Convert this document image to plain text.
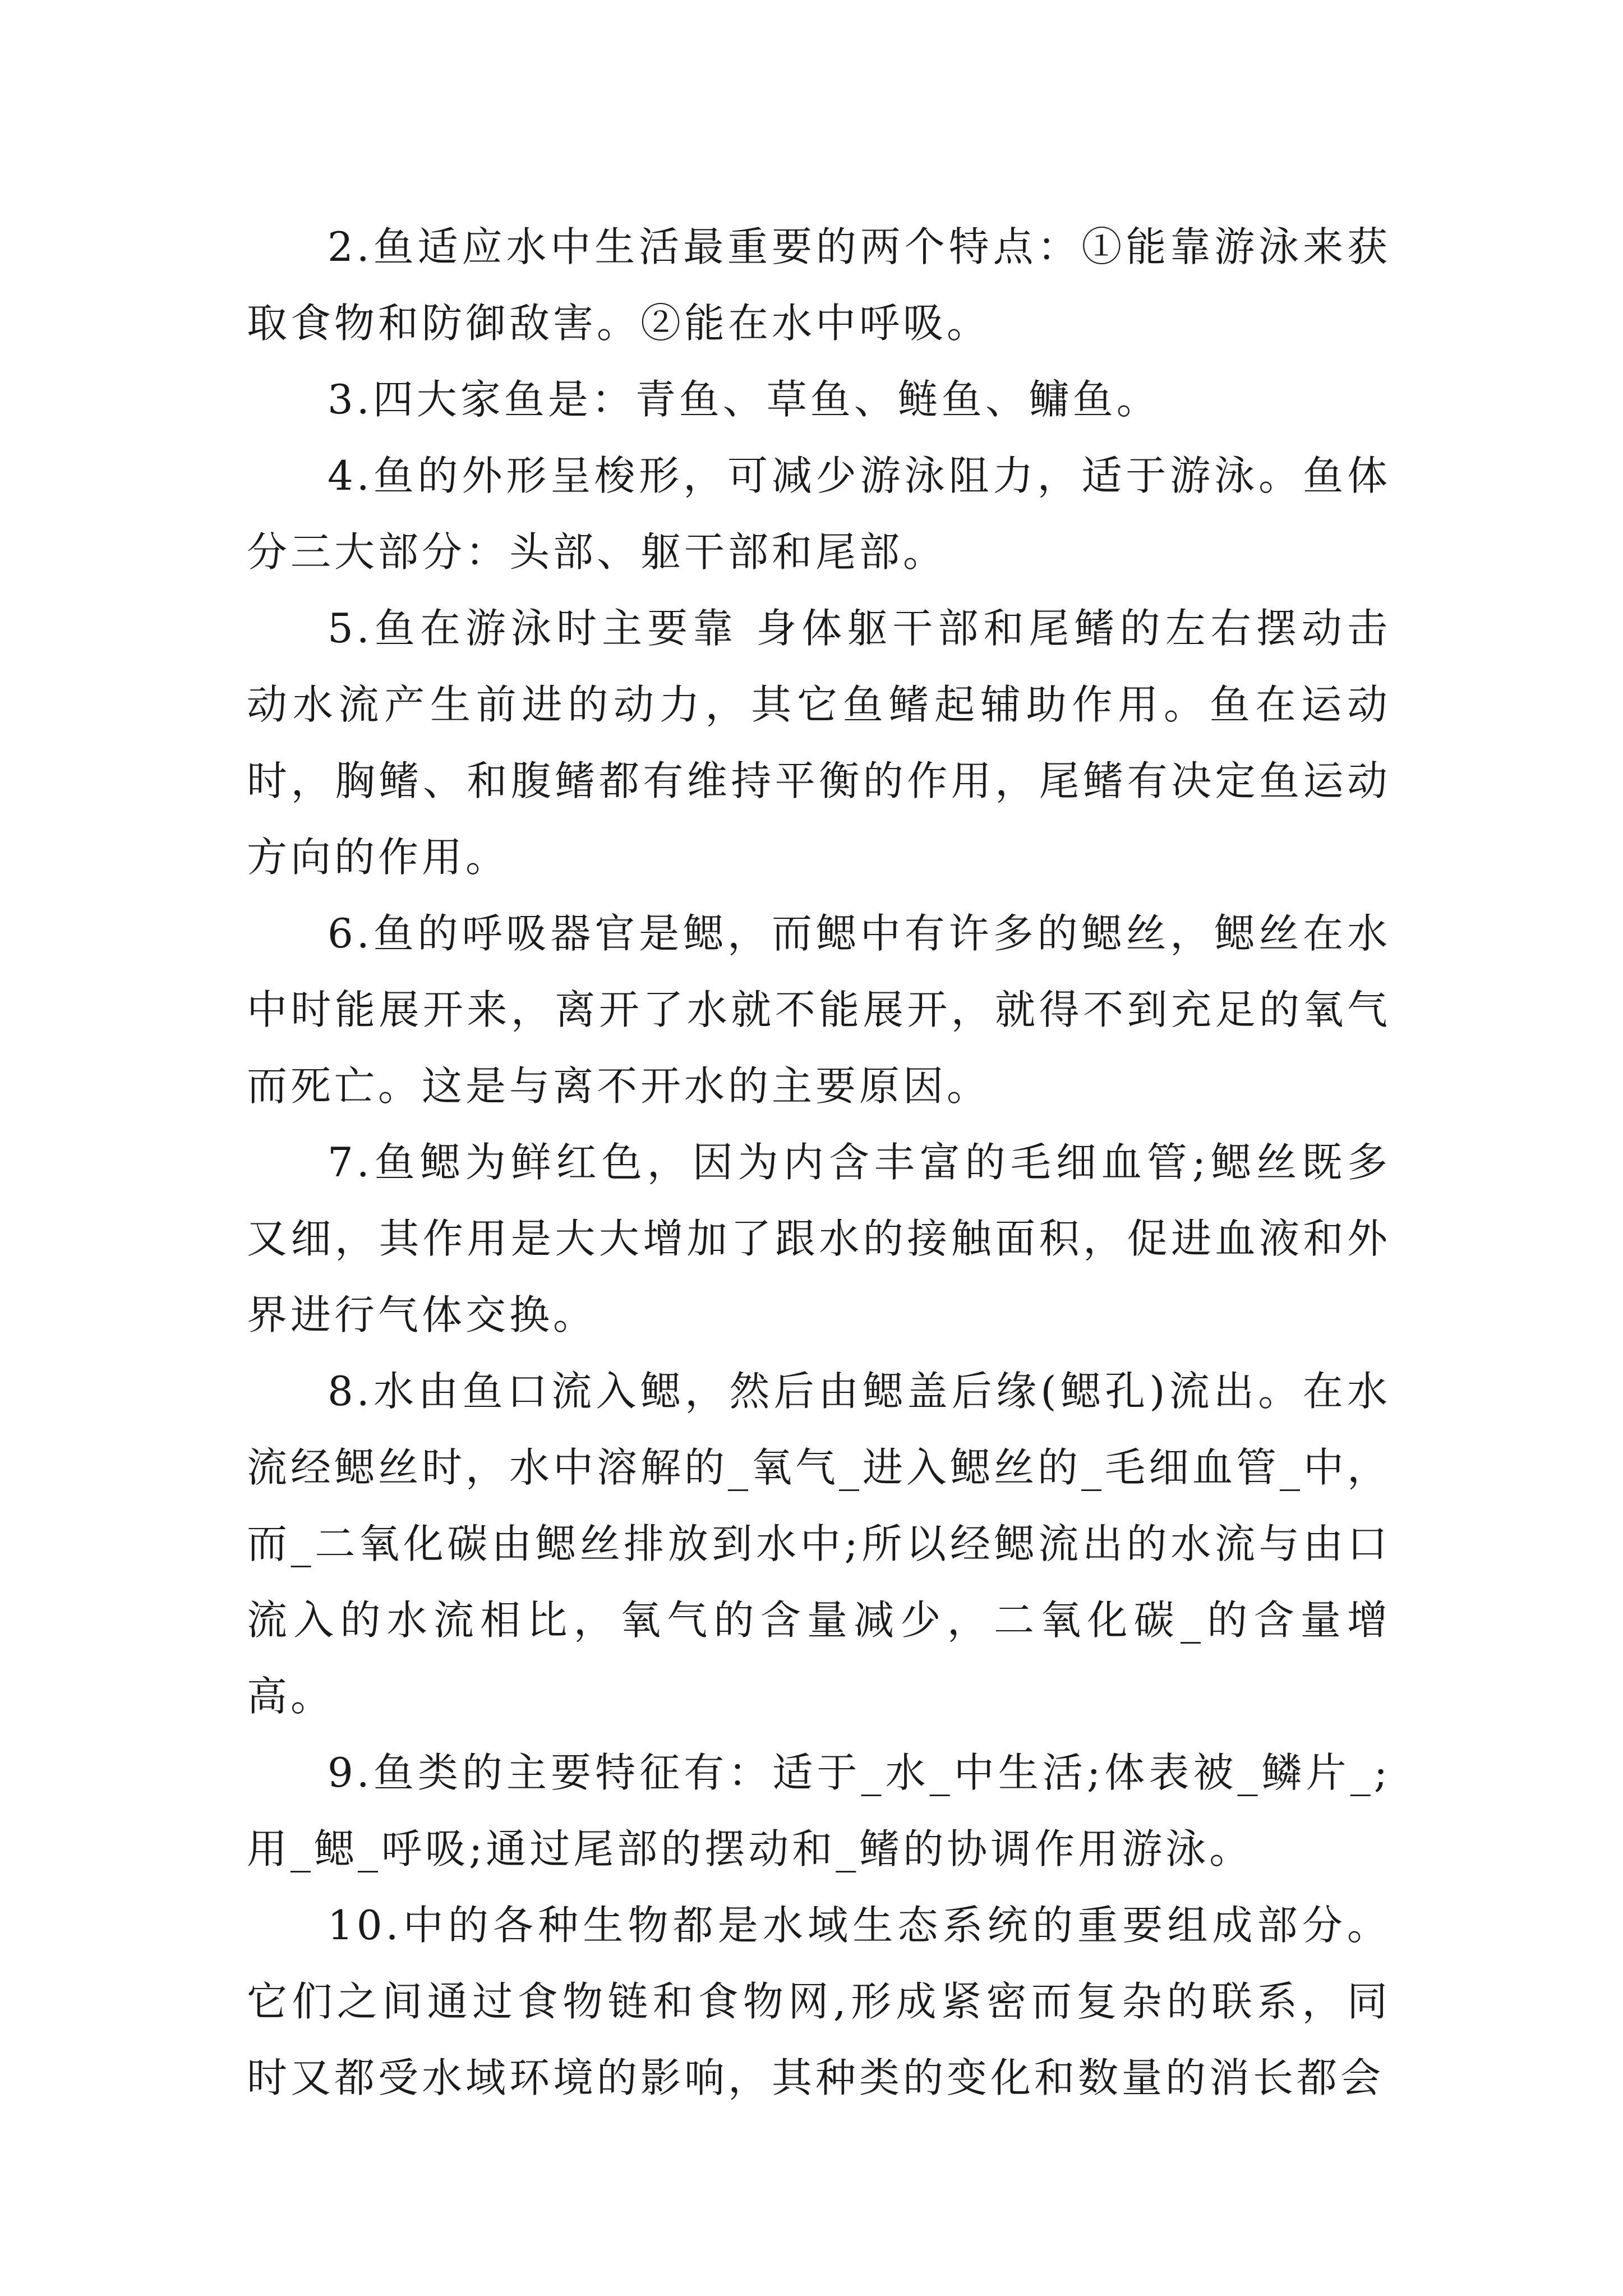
2.鱼适应水中生活最重要的两个特点：①能靠游泳来获取食物和防御敌害。②能在水中呼吸。

3.四大家鱼是：青鱼、草鱼、鲢鱼、鳙鱼。

4.鱼的外形呈梭形，可减少游泳阻力，适于游泳。鱼体分三大部分：头部、躯干部和尾部。

5.鱼在游泳时主要靠 身体躯干部和尾鳍的左右摆动击动水流产生前进的动力，其它鱼鳍起辅助作用。鱼在运动时，胸鳍、和腹鳍都有维持平衡的作用，尾鳍有决定鱼运动方向的作用。

6.鱼的呼吸器官是鳃，而鳃中有许多的鳃丝，鳃丝在水中时能展开来，离开了水就不能展开，就得不到充足的氧气而死亡。这是与离不开水的主要原因。

7.鱼鳃为鲜红色，因为内含丰富的毛细血管;鳃丝既多又细，其作用是大大增加了跟水的接触面积，促进血液和外界进行气体交换。

8.水由鱼口流入鳃，然后由鳃盖后缘(鳃孔)流出。在水流经鳃丝时，水中溶解的_氧气_进入鳃丝的_毛细血管_中，而_二氧化碳由鳃丝排放到水中;所以经鳃流出的水流与由口流入的水流相比，氧气的含量减少，二氧化碳_的含量增高。

9.鱼类的主要特征有：适于_水_中生活;体表被_鳞片_;用_鳃_呼吸;通过尾部的摆动和_鳍的协调作用游泳。

10.中的各种生物都是水域生态系统的重要组成部分。它们之间通过食物链和食物网,形成紧密而复杂的联系，同时又都受水域环境的影响，其种类的变化和数量的消长都会
